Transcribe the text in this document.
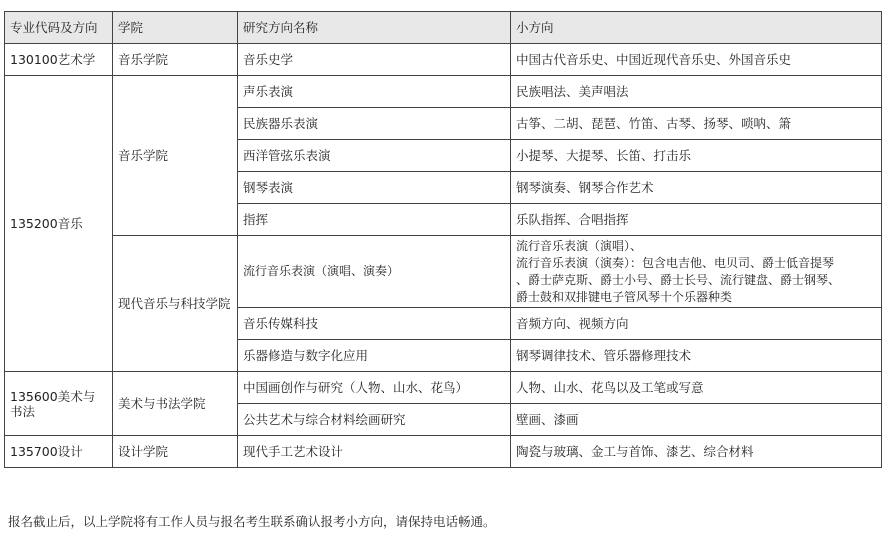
专业代码及方向	学院	研究方向名称	小方向
130100艺术学	音乐学院	音乐史学	中国古代音乐史、中国近现代音乐史、外国音乐史
135200音乐	音乐学院	声乐表演	民族唱法、美声唱法
		民族器乐表演	古筝、二胡、琵琶、竹笛、古琴、扬琴、唢呐、箫
		西洋管弦乐表演	小提琴、大提琴、长笛、打击乐
		钢琴表演	钢琴演奏、钢琴合作艺术
		指挥	乐队指挥、合唱指挥
	现代音乐与科技学院	流行音乐表演（演唱、演奏）	流行音乐表演（演唱）、
流行音乐表演（演奏）：包含电吉他、电贝司、爵士低音提琴
、爵士萨克斯、爵士小号、爵士长号、流行键盘、爵士钢琴、
爵士鼓和双排键电子管风琴十个乐器种类

		音乐传媒科技	音频方向、视频方向
		乐器修造与数字化应用	钢琴调律技术、管乐器修理技术
135600美术与书法	美术与书法学院	中国画创作与研究（人物、山水、花鸟）	人物、山水、花鸟以及工笔或写意
		公共艺术与综合材料绘画研究	壁画、漆画
135700设计	设计学院	现代手工艺术设计	陶瓷与玻璃、金工与首饰、漆艺、综合材料
报名截止后，以上学院将有工作人员与报名考生联系确认报考小方向，请保持电话畅通。
